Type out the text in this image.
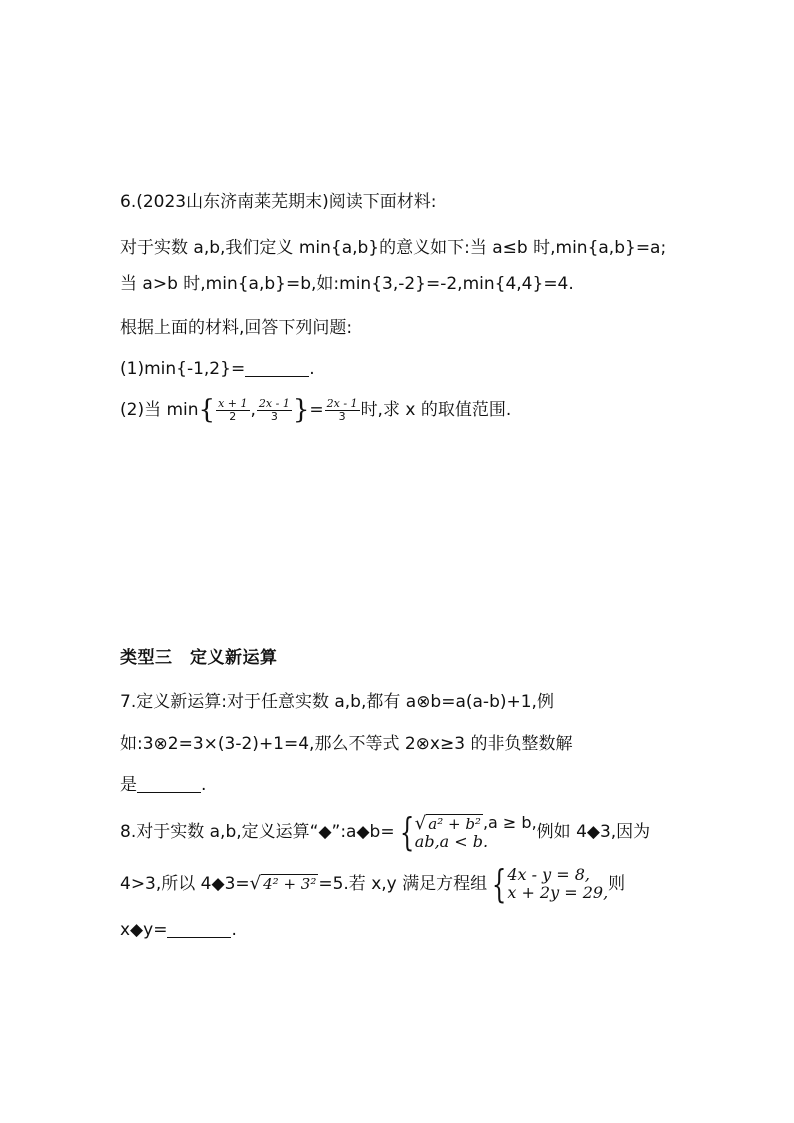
6.(2023山东济南莱芜期末)阅读下面材料:
对于实数 a,b,我们定义 min{a,b}的意义如下:当 a≤b 时,min{a,b}=a;
当 a>b 时,min{a,b}=b,如:min{3,-2}=-2,min{4,4}=4.
根据上面的材料,回答下列问题:
(1)min{-1,2}=	.
(2)当 $\min\{ \frac{x + 1}{2}$ , $\frac{2x - 1}{3}$ }= $\frac{2x - 1}{3}$ 时,求 x 的取值范围.
类型三　定义新运算
7.定义新运算:对于任意实数 a,b,都有 a⊗b=a(a-b)+1,例
如:3⊗2=3×(3-2)+1=4,那么不等式 2⊗x≥3 的非负整数解
是	.
8.对于实数 a,b,定义运算“◆”:a◆b= { √ a² + b² ,a ≥ b,
ab,a < b.	例如 4◆3,因为
4>3,所以 4◆3=√ 4² + 3² =5.若 x,y 满足方程组 { 4x - y = 8,
x + 2y = 29, 则
x◆y=	.
